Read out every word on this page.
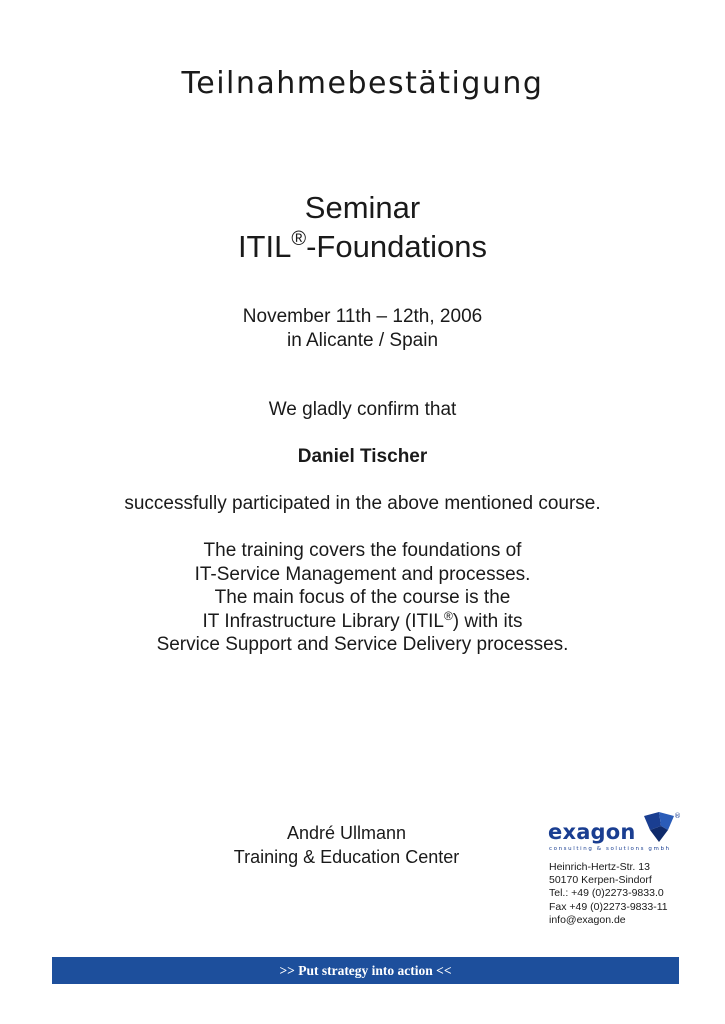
Teilnahmebestätigung
Seminar
ITIL®-Foundations
November 11th – 12th, 2006
in Alicante / Spain
We gladly confirm that
Daniel Tischer
successfully participated in the above mentioned course.
The training covers the foundations of
IT-Service Management and processes.
The main focus of the course is the
IT Infrastructure Library (ITIL®) with its
Service Support and Service Delivery processes.
André Ullmann
Training & Education Center
exagon
®
consulting & solutions gmbh
Heinrich-Hertz-Str. 13
50170 Kerpen-Sindorf
Tel.: +49 (0)2273-9833.0
Fax +49 (0)2273-9833-11
info@exagon.de
>> Put strategy into action <<
